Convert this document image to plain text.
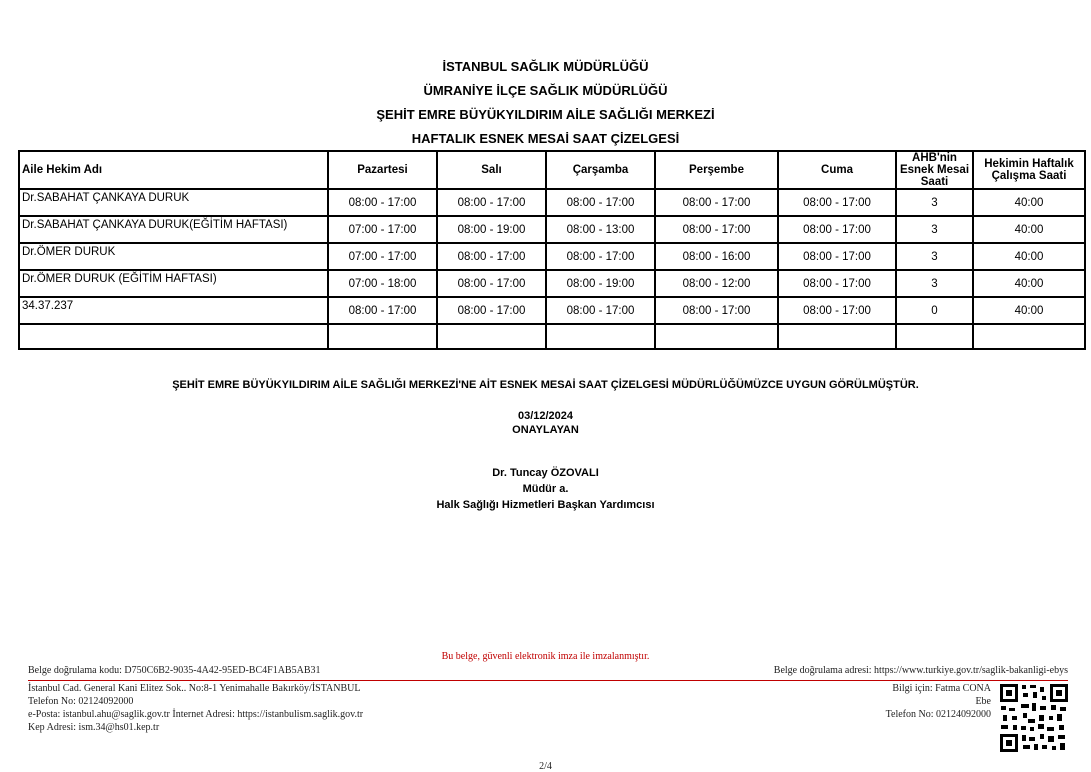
İSTANBUL SAĞLIK MÜDÜRLÜĞÜ
ÜMRANİYE İLÇE SAĞLIK MÜDÜRLÜĞÜ
ŞEHİT EMRE BÜYÜKYILDIRIM AİLE SAĞLIĞI MERKEZİ
HAFTALIK ESNEK MESAİ SAAT ÇİZELGESİ
Aile Hekim Adı	Pazartesi	Salı	Çarşamba	Perşembe	Cuma	AHB'nin Esnek Mesai Saati	Hekimin Haftalık Çalışma Saati
Dr.SABAHAT ÇANKAYA DURUK	08:00 - 17:00	08:00 - 17:00	08:00 - 17:00	08:00 - 17:00	08:00 - 17:00	3	40:00
Dr.SABAHAT ÇANKAYA DURUK(EĞİTİM HAFTASI)	07:00 - 17:00	08:00 - 19:00	08:00 - 13:00	08:00 - 17:00	08:00 - 17:00	3	40:00
Dr.ÖMER DURUK	07:00 - 17:00	08:00 - 17:00	08:00 - 17:00	08:00 - 16:00	08:00 - 17:00	3	40:00
Dr.ÖMER DURUK (EĞİTİM HAFTASI)	07:00 - 18:00	08:00 - 17:00	08:00 - 19:00	08:00 - 12:00	08:00 - 17:00	3	40:00
34.37.237	08:00 - 17:00	08:00 - 17:00	08:00 - 17:00	08:00 - 17:00	08:00 - 17:00	0	40:00

ŞEHİT EMRE BÜYÜKYILDIRIM AİLE SAĞLIĞI MERKEZİ'NE AİT ESNEK MESAİ SAAT ÇİZELGESİ MÜDÜRLÜĞÜMÜZCE UYGUN GÖRÜLMÜŞTÜR.
03/12/2024
ONAYLAYAN
Dr. Tuncay ÖZOVALI
Müdür a.
Halk Sağlığı Hizmetleri Başkan Yardımcısı
Bu belge, güvenli elektronik imza ile imzalanmıştır.
Belge doğrulama kodu: D750C6B2-9035-4A42-95ED-BC4F1AB5AB31	Belge doğrulama adresi: https://www.turkiye.gov.tr/saglik-bakanligi-ebys
İstanbul Cad. General Kani Elitez Sok.. No:8-1 Yenimahalle Bakırköy/İSTANBUL
Telefon No: 02124092000
e-Posta: istanbul.ahu@saglik.gov.tr İnternet Adresi: https://istanbulism.saglik.gov.tr
Kep Adresi: ism.34@hs01.kep.tr
Bilgi için: Fatma CONA
Ebe
Telefon No: 02124092000
2/4
